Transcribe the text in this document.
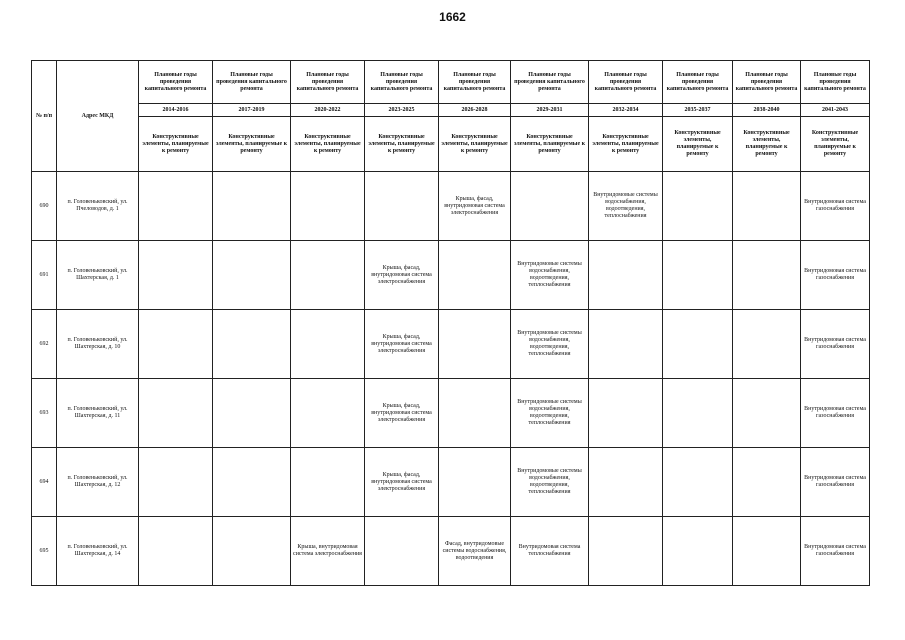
1662
№ п/п	Адрес МКД	Плановые годы проведения капитального ремонта	Плановые годы проведения капитального ремонта	Плановые годы проведения капитального ремонта	Плановые годы проведения капитального ремонта	Плановые годы проведения капитального ремонта	Плановые годы проведения капитального ремонта	Плановые годы проведения капитального ремонта	Плановые годы проведения капитального ремонта	Плановые годы проведения капитального ремонта	Плановые годы проведения капитального ремонта
		2014-2016	2017-2019	2020-2022	2023-2025	2026-2028	2029-2031	2032-2034	2035-2037	2038-2040	2041-2043
		Конструктивные элементы, планируемые к ремонту	Конструктивные элементы, планируемые к ремонту	Конструктивные элементы, планируемые к ремонту	Конструктивные элементы, планируемые к ремонту	Конструктивные элементы, планируемые к ремонту	Конструктивные элементы, планируемые к ремонту	Конструктивные элементы, планируемые к ремонту	Конструктивные элементы, планируемые к ремонту	Конструктивные элементы, планируемые к ремонту	Конструктивные элементы, планируемые к ремонту
690	п. Головеньковский, ул. Пчеловодов, д. 1					Крыша, фасад, внутридомовая система электроснабжения		Внутридомовые системы водоснабжения, водоотведения, теплоснабжения			Внутридомовая система газоснабжения
691	п. Головеньковский, ул. Шахтерская, д. 1				Крыша, фасад, внутридомовая система электроснабжения		Внутридомовые системы водоснабжения, водоотведения, теплоснабжения				Внутридомовая система газоснабжения
692	п. Головеньковский, ул. Шахтерская, д. 10				Крыша, фасад, внутридомовая система электроснабжения		Внутридомовые системы водоснабжения, водоотведения, теплоснабжения				Внутридомовая система газоснабжения
693	п. Головеньковский, ул. Шахтерская, д. 11				Крыша, фасад, внутридомовая система электроснабжения		Внутридомовые системы водоснабжения, водоотведения, теплоснабжения				Внутридомовая система газоснабжения
694	п. Головеньковский, ул. Шахтерская, д. 12				Крыша, фасад, внутридомовая система электроснабжения		Внутридомовые системы водоснабжения, водоотведения, теплоснабжения				Внутридомовая система газоснабжения
695	п. Головеньковский, ул. Шахтерская, д. 14			Крыша, внутридомовая система электроснабжения		Фасад, внутридомовые системы водоснабжения, водоотведения	Внутридомовая система теплоснабжения				Внутридомовая система газоснабжения
